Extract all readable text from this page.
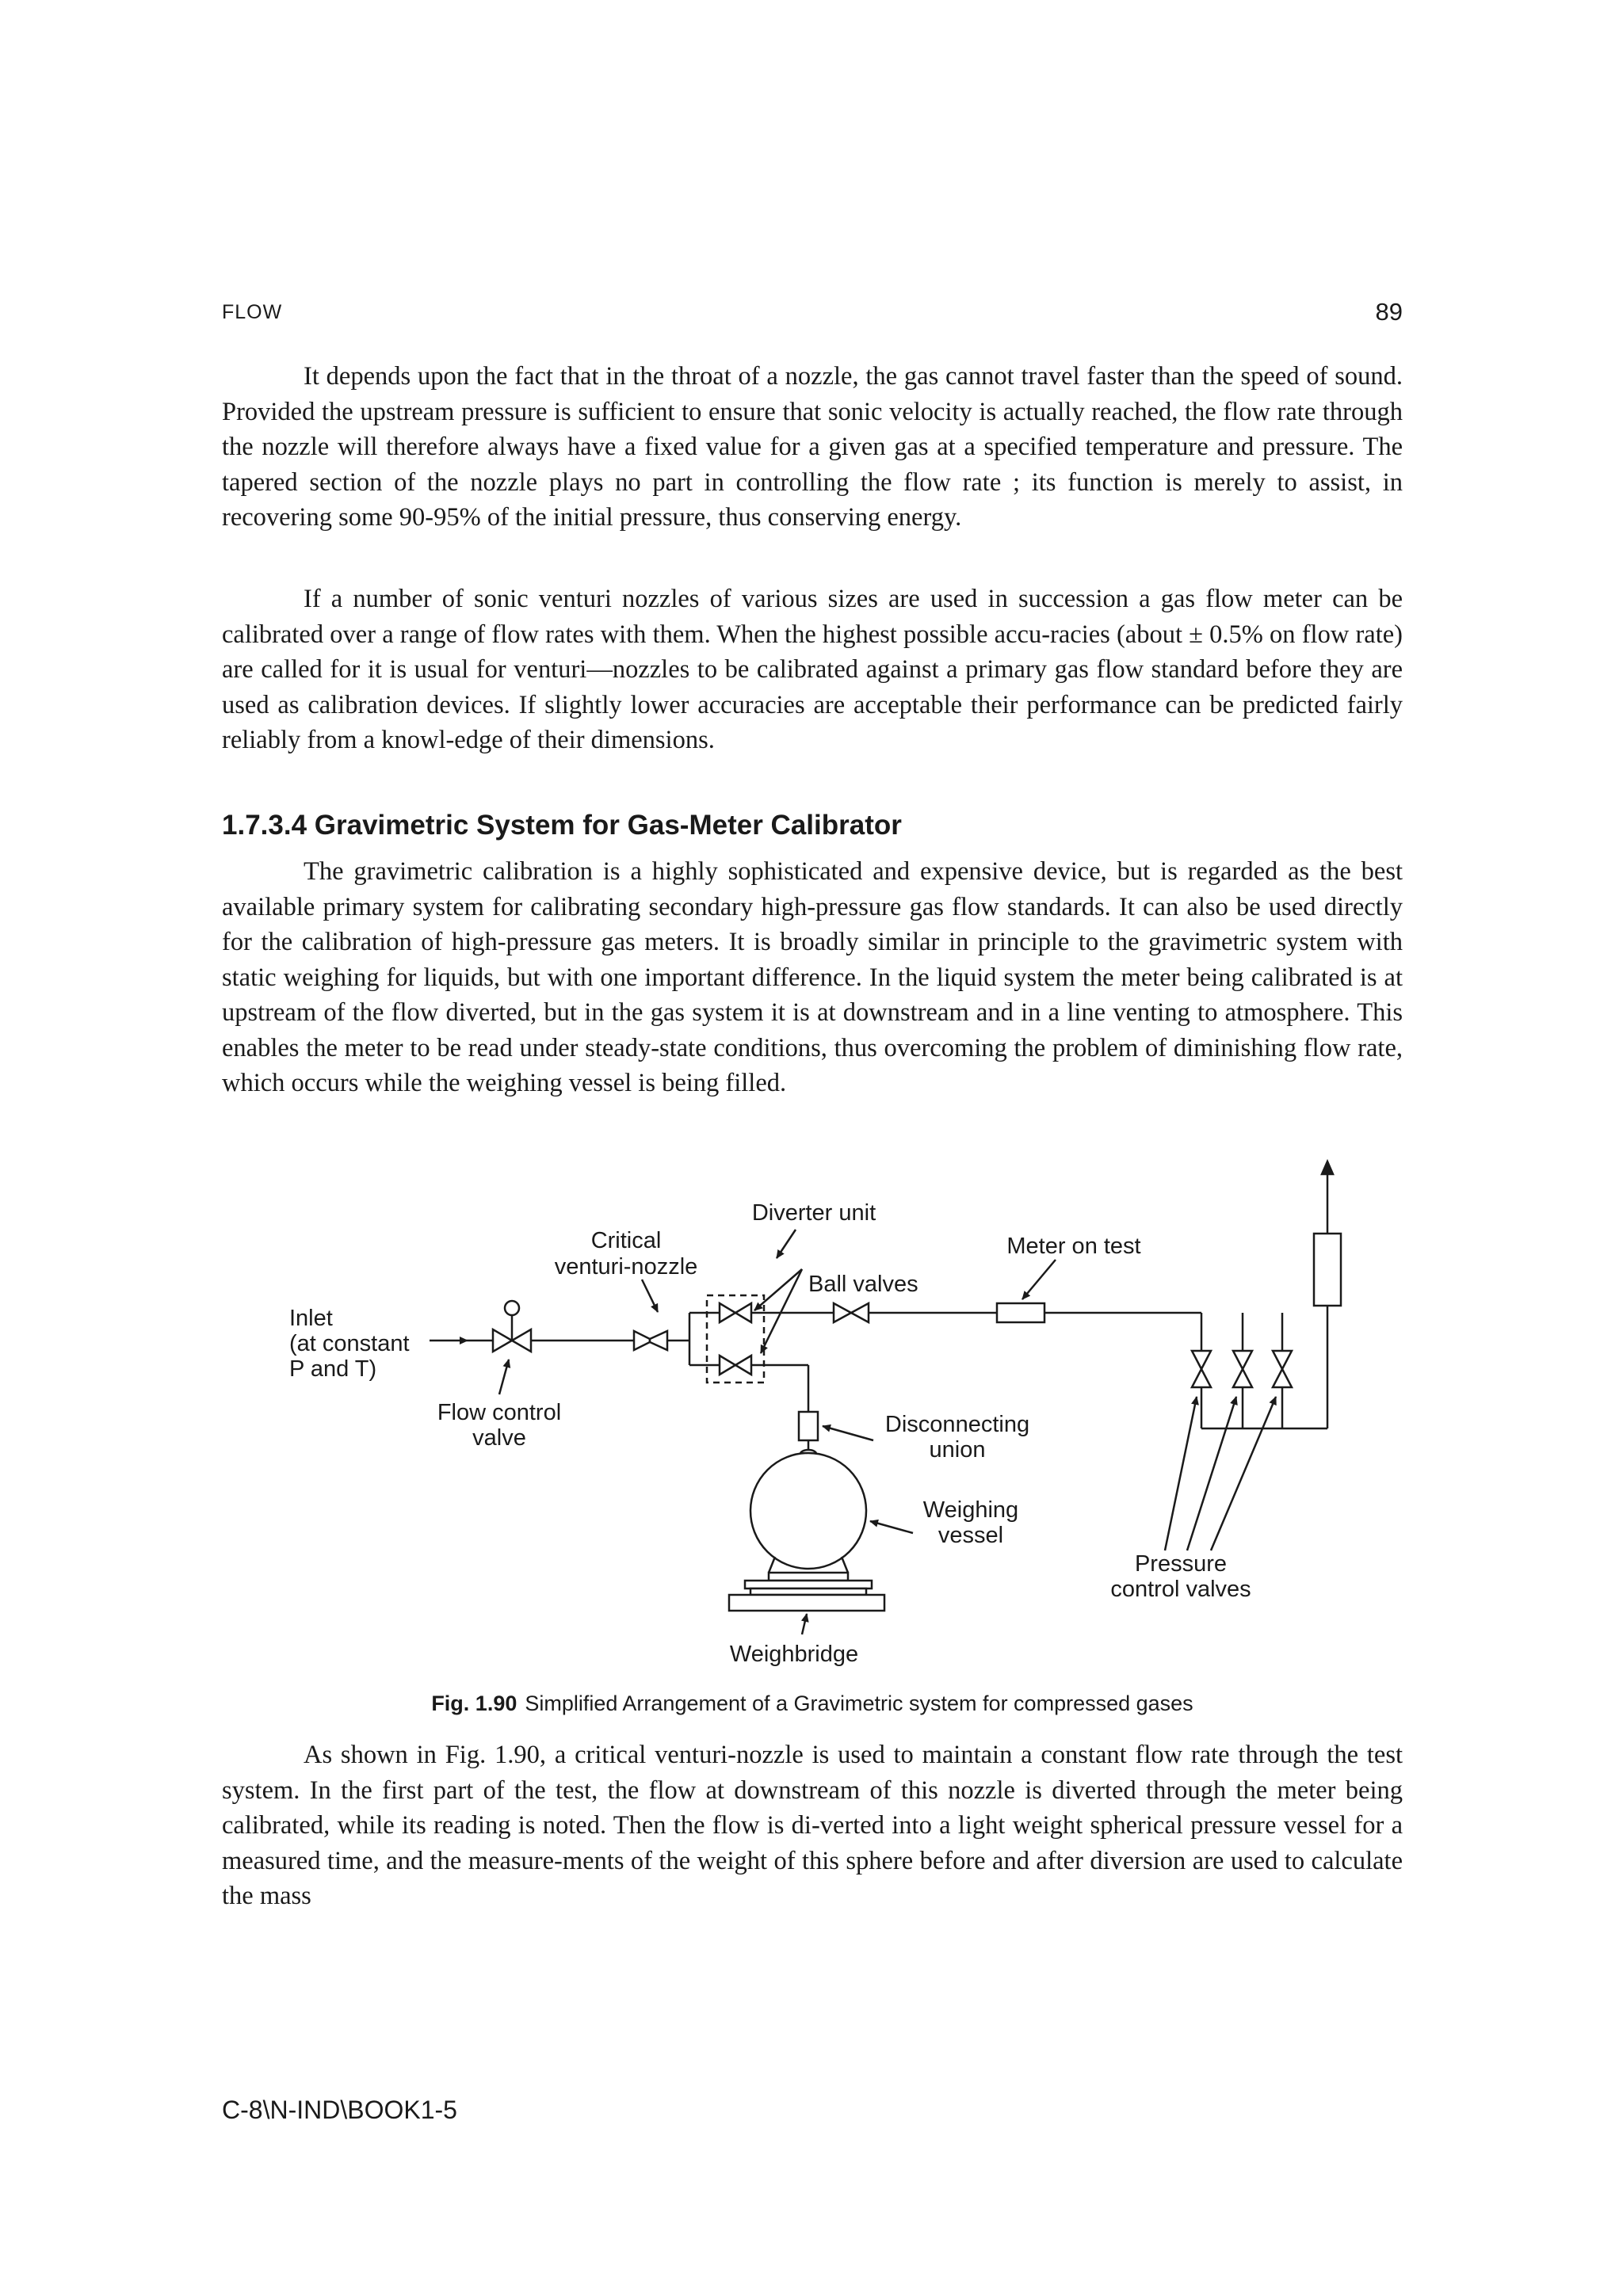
FLOW	89

It depends upon the fact that in the throat of a nozzle, the gas cannot travel faster than the speed of sound. Provided the upstream pressure is sufficient to ensure that sonic velocity is actually reached, the flow rate through the nozzle will therefore always have a fixed value for a given gas at a specified temperature and pressure. The tapered section of the nozzle plays no part in controlling the flow rate ; its function is merely to assist, in recovering some 90-95% of the initial pressure, thus conserving energy.

If a number of sonic venturi nozzles of various sizes are used in succession a gas flow meter can be calibrated over a range of flow rates with them. When the highest possible accu-racies (about ± 0.5% on flow rate) are called for it is usual for venturi—nozzles to be calibrated against a primary gas flow standard before they are used as calibration devices. If slightly lower accuracies are acceptable their performance can be predicted fairly reliably from a knowl-edge of their dimensions.

1.7.3.4 Gravimetric System for Gas-Meter Calibrator

The gravimetric calibration is a highly sophisticated and expensive device, but is regarded as the best available primary system for calibrating secondary high-pressure gas flow standards. It can also be used directly for the calibration of high-pressure gas meters. It is broadly similar in principle to the gravimetric system with static weighing for liquids, but with one important difference. In the liquid system the meter being calibrated is at upstream of the flow diverted, but in the gas system it is at downstream and in a line venting to atmosphere. This enables the meter to be read under steady-state conditions, thus overcoming the problem of diminishing flow rate, which occurs while the weighing vessel is being filled.

Inlet
(at constant
P and T)
Flow control
valve
Critical
venturi-nozzle
Diverter unit
Ball valves
Meter on test
Disconnecting
union
Weighing
vessel
Pressure
control valves
Weighbridge
Fig. 1.90 Simplified Arrangement of a Gravimetric system for compressed gases

As shown in Fig. 1.90, a critical venturi-nozzle is used to maintain a constant flow rate through the test system. In the first part of the test, the flow at downstream of this nozzle is diverted through the meter being calibrated, while its reading is noted. Then the flow is di-verted into a light weight spherical pressure vessel for a measured time, and the measure-ments of the weight of this sphere before and after diversion are used to calculate the mass

C-8\N-IND\BOOK1-5
